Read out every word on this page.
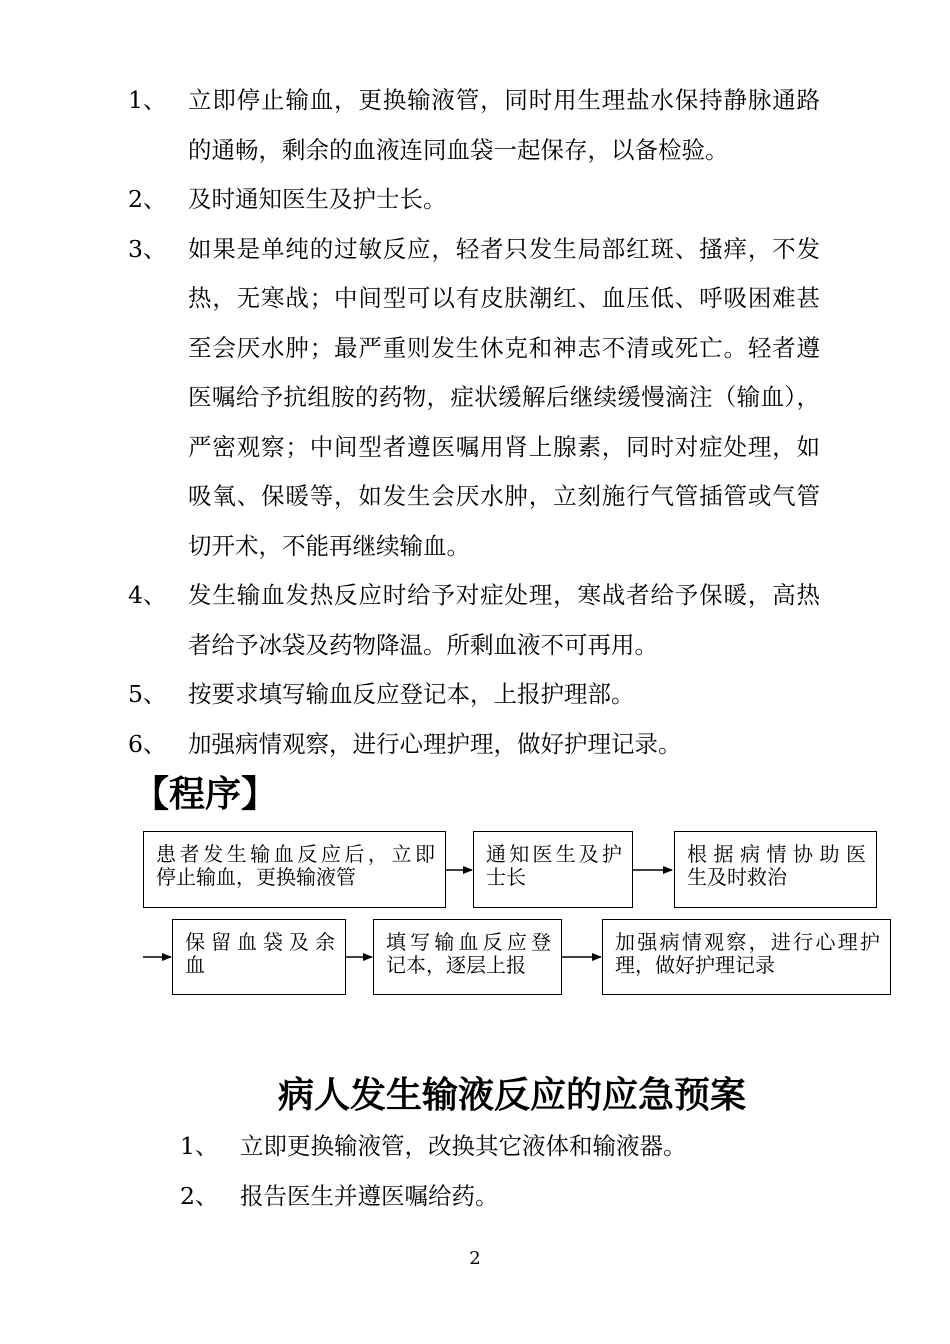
1、 立即停止输血，更换输液管，同时用生理盐水保持静脉通路的通畅，剩余的血液连同血袋一起保存，以备检验。
2、 及时通知医生及护士长。
3、 如果是单纯的过敏反应，轻者只发生局部红斑、搔痒，不发热，无寒战；中间型可以有皮肤潮红、血压低、呼吸困难甚至会厌水肿；最严重则发生休克和神志不清或死亡。轻者遵医嘱给予抗组胺的药物，症状缓解后继续缓慢滴注（输血），严密观察；中间型者遵医嘱用肾上腺素，同时对症处理，如吸氧、保暖等，如发生会厌水肿，立刻施行气管插管或气管切开术，不能再继续输血。
4、 发生输血发热反应时给予对症处理，寒战者给予保暖，高热者给予冰袋及药物降温。所剩血液不可再用。
5、 按要求填写输血反应登记本，上报护理部。
6、 加强病情观察，进行心理护理，做好护理记录。
【程序】
患者发生输血反应后，立即
停止输血，更换输液管
通知医生及护
士长
根据病情协助医
生及时救治
保留血袋及余
血
填写输血反应登
记本，逐层上报
加强病情观察，进行心理护
理，做好护理记录
病人发生输液反应的应急预案
1、 立即更换输液管，改换其它液体和输液器。
2、 报告医生并遵医嘱给药。
2
